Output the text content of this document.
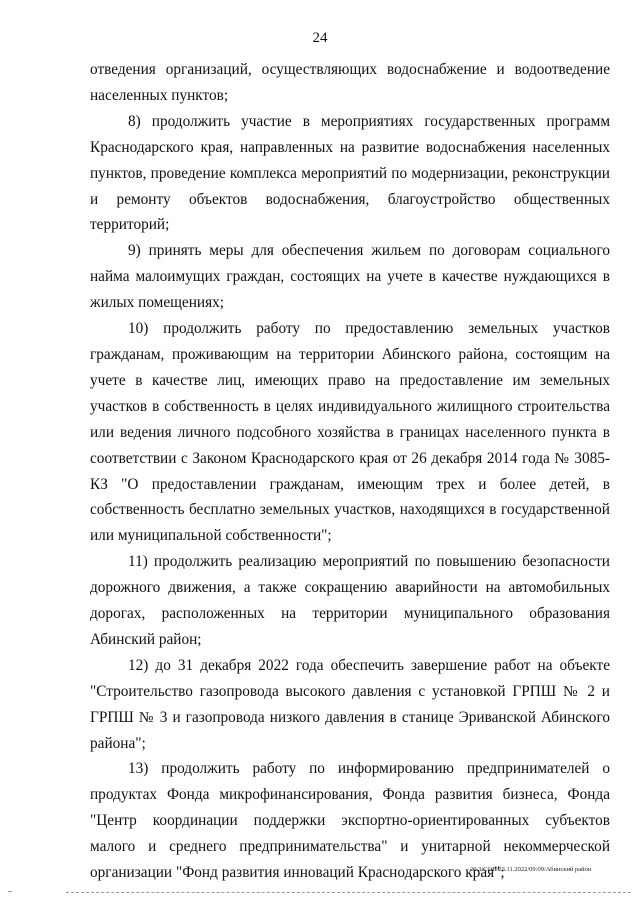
24

отведения организаций, осуществляющих водоснабжение и водоотведение населенных пунктов;

8) продолжить участие в мероприятиях государственных программ Краснодарского края, направленных на развитие водоснабжения населенных пунктов, проведение комплекса мероприятий по модернизации, реконструкции и ремонту объектов водоснабжения, благоустройство общественных территорий;

9) принять меры для обеспечения жильем по договорам социального найма малоимущих граждан, состоящих на учете в качестве нуждающихся в жилых помещениях;

10) продолжить работу по предоставлению земельных участков гражданам, проживающим на территории Абинского района, состоящим на учете в качестве лиц, имеющих право на предоставление им земельных участков в собственность в целях индивидуального жилищного строительства или ведения личного подсобного хозяйства в границах населенного пункта в соответствии с Законом Краснодарского края от 26 декабря 2014 года № 3085-КЗ "О предоставлении гражданам, имеющим трех и более детей, в собственность бесплатно земельных участков, находящихся в государственной или муниципальной собственности";

11) продолжить реализацию мероприятий по повышению безопасности дорожного движения, а также сокращению аварийности на автомобильных дорогах, расположенных на территории муниципального образования Абинский район;

12) до 31 декабря 2022 года обеспечить завершение работ на объекте "Строительство газопровода высокого давления с установкой ГРПШ № 2 и ГРПШ № 3 и газопровода низкого давления в станице Эриванской Абинского района";

13) продолжить работу по информированию предпринимателей о продуктах Фонда микрофинансирования, Фонда развития бизнеса, Фонда "Центр координации поддержки экспортно-ориентированных субъектов малого и среднего предпринимательства" и унитарной некоммерческой организации "Фонд развития инноваций Краснодарского края";

20.3/СОВ/23.11.2022/09:09/Абинский район
